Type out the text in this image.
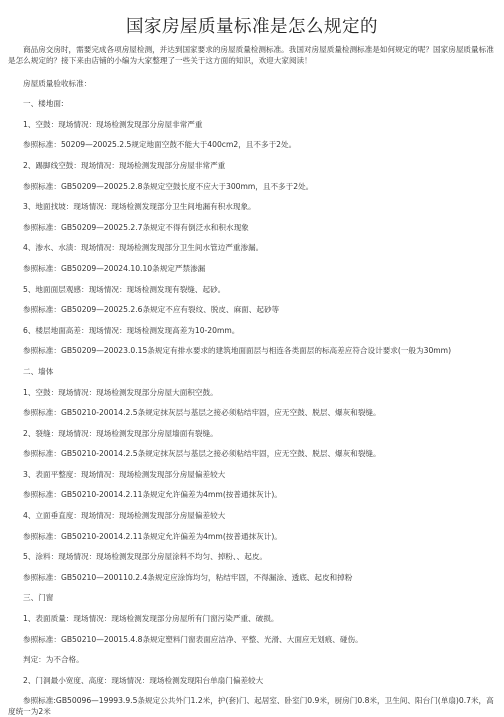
国家房屋质量标准是怎么规定的

商品房交房时，需要完成各项房屋检测，并达到国家要求的房屋质量检测标准。我国对房屋质量检测标准是如何规定的呢？国家房屋质量标准是怎么规定的？接下来由店铺的小编为大家整理了一些关于这方面的知识，欢迎大家阅读！

房屋质量验收标准：

一、楼地面:

1、空鼓：现场情况：现场检测发现部分房屋非常严重

参照标准：50209—20025.2.5规定地面空鼓不能大于400cm2，且不多于2处。

2、踢脚线空鼓：现场情况：现场检测发现部分房屋非常严重

参照标准：GB50209—20025.2.8条规定空鼓长度不应大于300mm，且不多于2处。

3、地面找坡：现场情况：现场检测发现部分卫生间地漏有积水现象。

参照标准：GB50209—20025.2.7条规定不得有倒泛水和积水现象

4、渗水、水渍：现场情况：现场检测发现部分卫生间水管边严重渗漏。

参照标准：GB50209—20024.10.10条规定严禁渗漏

5、地面面层观感：现场情况：现场检测发现有裂缝、起砂。

参照标准：GB50209—20025.2.6条规定不应有裂纹、脱皮、麻面、起砂等

6、楼层地面高差：现场情况：现场检测发现高差为10-20mm。

参照标准：GB50209—20023.0.15条规定有排水要求的建筑地面面层与相连各类面层的标高差应符合设计要求(一般为30mm)

二、墙体

1、空鼓：现场情况：现场检测发现部分房屋大面积空鼓。

参照标准：GB50210-20014.2.5条规定抹灰层与基层之接必须粘结牢固，应无空鼓、脱层、爆灰和裂缝。

2、裂缝：现场情况：现场检测发现部分房屋墙面有裂缝。

参照标准：GB50210-20014.2.5条规定抹灰层与基层之接必须粘结牢固，应无空鼓、脱层、爆灰和裂缝。

3、表面平整度：现场情况：现场检测发现部分房屋偏差较大

参照标准：GB50210-20014.2.11条规定允许偏差为4mm(按普通抹灰计)。

4、立面垂直度：现场情况：现场检测发现部分房屋偏差较大

参照标准：GB50210-20014.2.11条规定允许偏差为4mm(按普通抹灰计)。

5、涂料：现场情况：现场检测发现部分房屋涂料不均匀、掉粉、、起皮。

参照标准：GB50210—200110.2.4条规定应涂饰均匀，粘结牢固，不得漏涂、透底、起皮和掉粉

三、门窗

1、表面质量：现场情况：现场检测发现部分房屋所有门窗污染严重、破损。

参照标准：GB50210—20015.4.8条规定塑料门窗表面应洁净、平整、光滑、大面应无划痕、碰伤。

判定：为不合格。

2、门洞最小宽度、高度：现场情况：现场检测发现阳台单扇门偏差较大

参照标准:GB50096—19993.9.5条规定公共外门1.2米，护(套)门、起居室、卧室门0.9米，厨房门0.8米，卫生间、阳台门(单扇)0.7米，高度统一为2米
